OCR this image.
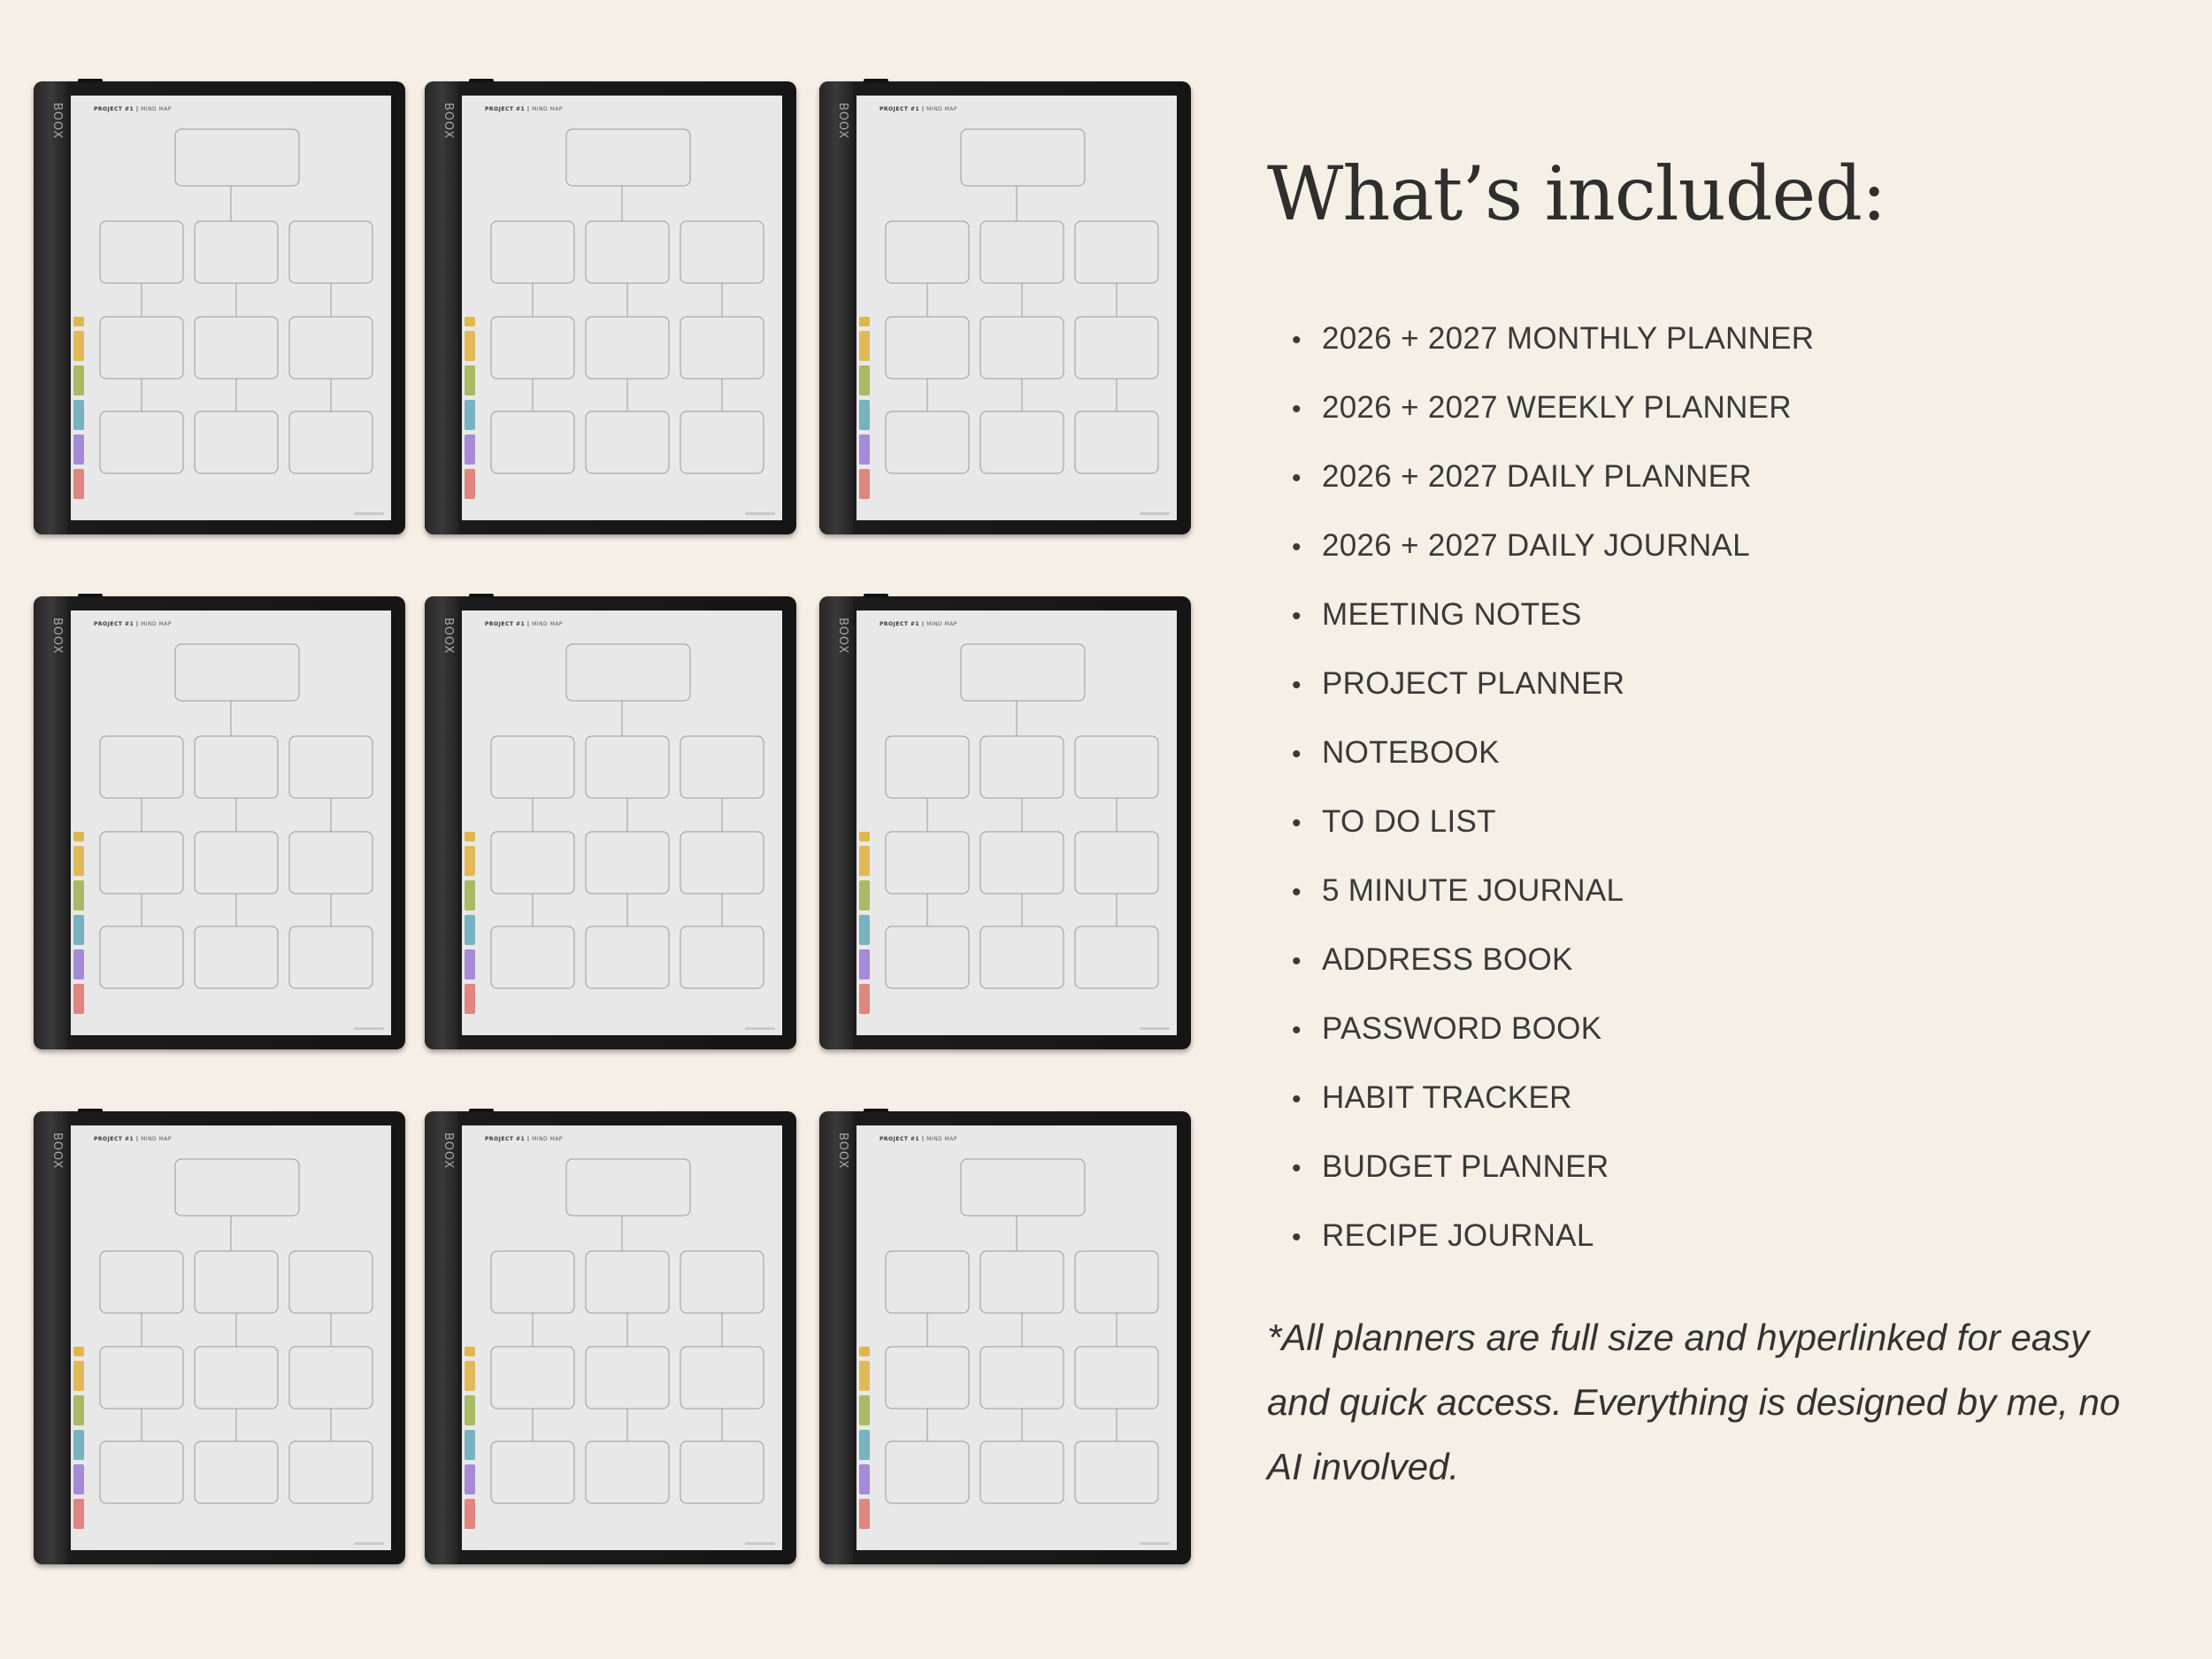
BOOX	PROJECT #1 | MIND MAP	BOOX	PROJECT #1 | MIND MAP	BOOX	PROJECT #1 | MIND MAP
BOOX	PROJECT #1 | MIND MAP	BOOX	PROJECT #1 | MIND MAP	BOOX	PROJECT #1 | MIND MAP
BOOX	PROJECT #1 | MIND MAP	BOOX	PROJECT #1 | MIND MAP	BOOX	PROJECT #1 | MIND MAP
What’s included:
• 2026 + 2027 MONTHLY PLANNER
• 2026 + 2027 WEEKLY PLANNER
• 2026 + 2027 DAILY PLANNER
• 2026 + 2027 DAILY JOURNAL
• MEETING NOTES
• PROJECT PLANNER
• NOTEBOOK
• TO DO LIST
• 5 MINUTE JOURNAL
• ADDRESS BOOK
• PASSWORD BOOK
• HABIT TRACKER
• BUDGET PLANNER
• RECIPE JOURNAL

*All planners are full size and hyperlinked for easy and quick access. Everything is designed by me, no AI involved.
